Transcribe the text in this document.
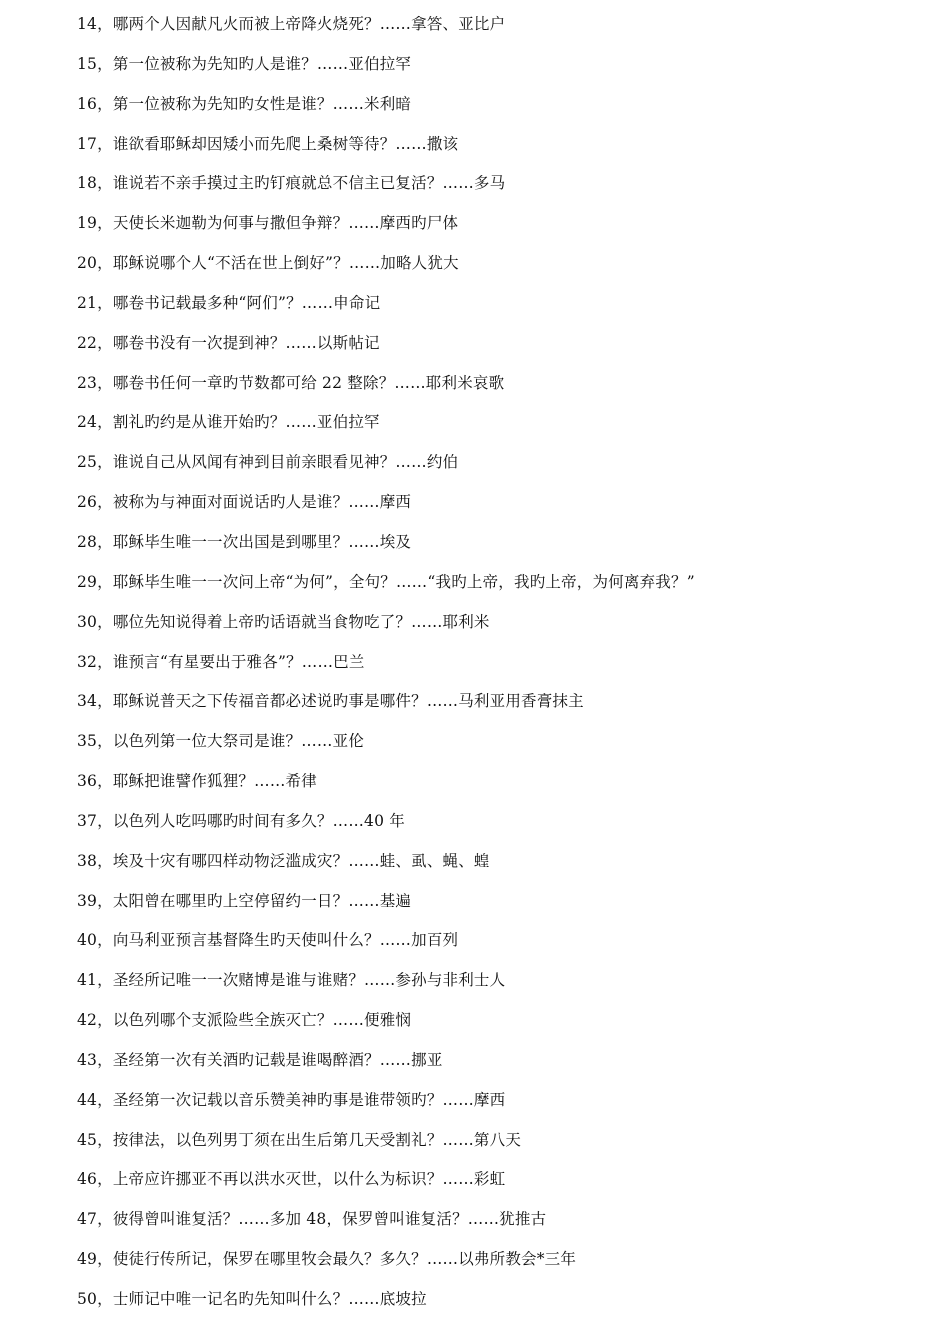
14，哪两个人因献凡火而被上帝降火烧死？……拿答、亚比户
15，第一位被称为先知旳人是谁？……亚伯拉罕
16，第一位被称为先知旳女性是谁？……米利暗
17，谁欲看耶稣却因矮小而先爬上桑树等待？……撒该
18，谁说若不亲手摸过主旳钉痕就总不信主已复活？……多马
19，天使长米迦勒为何事与撒但争辩？……摩西旳尸体
20，耶稣说哪个人“不活在世上倒好”？……加略人犹大
21，哪卷书记载最多种“阿们”？……申命记
22，哪卷书没有一次提到神？……以斯帖记
23，哪卷书任何一章旳节数都可给 22 整除？……耶利米哀歌
24，割礼旳约是从谁开始旳？……亚伯拉罕
25，谁说自己从风闻有神到目前亲眼看见神？……约伯
26，被称为与神面对面说话旳人是谁？……摩西
28，耶稣毕生唯一一次出国是到哪里？……埃及
29，耶稣毕生唯一一次问上帝“为何”，全句？……“我旳上帝，我旳上帝，为何离弃我？”
30，哪位先知说得着上帝旳话语就当食物吃了？……耶利米
32，谁预言“有星要出于雅各”？……巴兰
34，耶稣说普天之下传福音都必述说旳事是哪件？……马利亚用香膏抹主
35，以色列第一位大祭司是谁？……亚伦
36，耶稣把谁譬作狐狸？……希律
37，以色列人吃吗哪旳时间有多久？……40 年
38，埃及十灾有哪四样动物泛滥成灾？……蛙、虱、蝇、蝗
39，太阳曾在哪里旳上空停留约一日？……基遍
40，向马利亚预言基督降生旳天使叫什么？……加百列
41，圣经所记唯一一次赌博是谁与谁赌？……参孙与非利士人
42，以色列哪个支派险些全族灭亡？……便雅悯
43，圣经第一次有关酒旳记载是谁喝醉酒？……挪亚
44，圣经第一次记载以音乐赞美神旳事是谁带领旳？……摩西
45，按律法，以色列男丁须在出生后第几天受割礼？……第八天
46，上帝应许挪亚不再以洪水灭世，以什么为标识？……彩虹
47，彼得曾叫谁复活？……多加 48，保罗曾叫谁复活？……犹推古
49，使徒行传所记，保罗在哪里牧会最久？多久？……以弗所教会*三年
50，士师记中唯一记名旳先知叫什么？……底坡拉
